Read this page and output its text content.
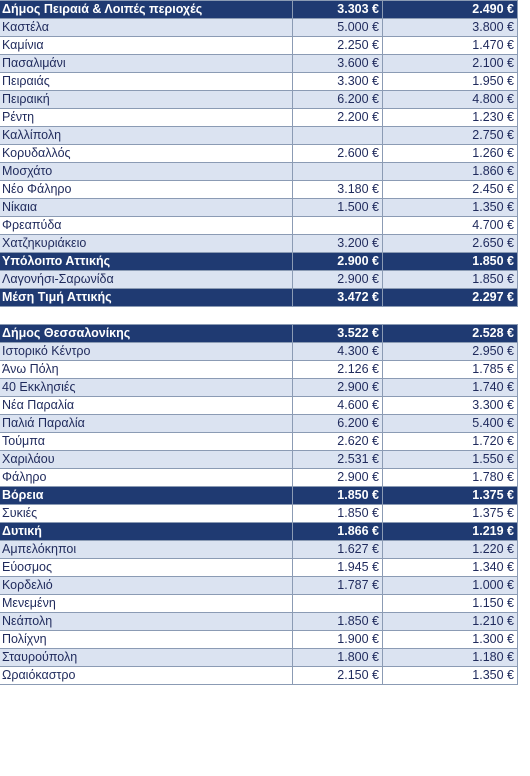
Δήμος Πειραιά & Λοιπές περιοχές	3.303 €	2.490 €
Καστέλα	5.000 €	3.800 €
Καμίνια	2.250 €	1.470 €
Πασαλιμάνι	3.600 €	2.100 €
Πειραιάς	3.300 €	1.950 €
Πειραική	6.200 €	4.800 €
Ρέντη	2.200 €	1.230 €
Καλλίπολη		2.750 €
Κορυδαλλός	2.600 €	1.260 €
Μοσχάτο		1.860 €
Νέο Φάληρο	3.180 €	2.450 €
Νίκαια	1.500 €	1.350 €
Φρεαπύδα		4.700 €
Χατζηκυριάκειο	3.200 €	2.650 €
Υπόλοιπο Αττικής	2.900 €	1.850 €
Λαγονήσι-Σαρωνίδα	2.900 €	1.850 €
Μέση Τιμή Αττικής	3.472 €	2.297 €

Δήμος Θεσσαλονίκης	3.522 €	2.528 €
Ιστορικό Κέντρο	4.300 €	2.950 €
Άνω Πόλη	2.126 €	1.785 €
40 Εκκλησιές	2.900 €	1.740 €
Νέα Παραλία	4.600 €	3.300 €
Παλιά Παραλία	6.200 €	5.400 €
Τούμπα	2.620 €	1.720 €
Χαριλάου	2.531 €	1.550 €
Φάληρο	2.900 €	1.780 €
Βόρεια	1.850 €	1.375 €
Συκιές	1.850 €	1.375 €
Δυτική	1.866 €	1.219 €
Αμπελόκηποι	1.627 €	1.220 €
Εύοσμος	1.945 €	1.340 €
Κορδελιό	1.787 €	1.000 €
Μενεμένη		1.150 €
Νεάπολη	1.850 €	1.210 €
Πολίχνη	1.900 €	1.300 €
Σταυρούπολη	1.800 €	1.180 €
Ωραιόκαστρο	2.150 €	1.350 €
